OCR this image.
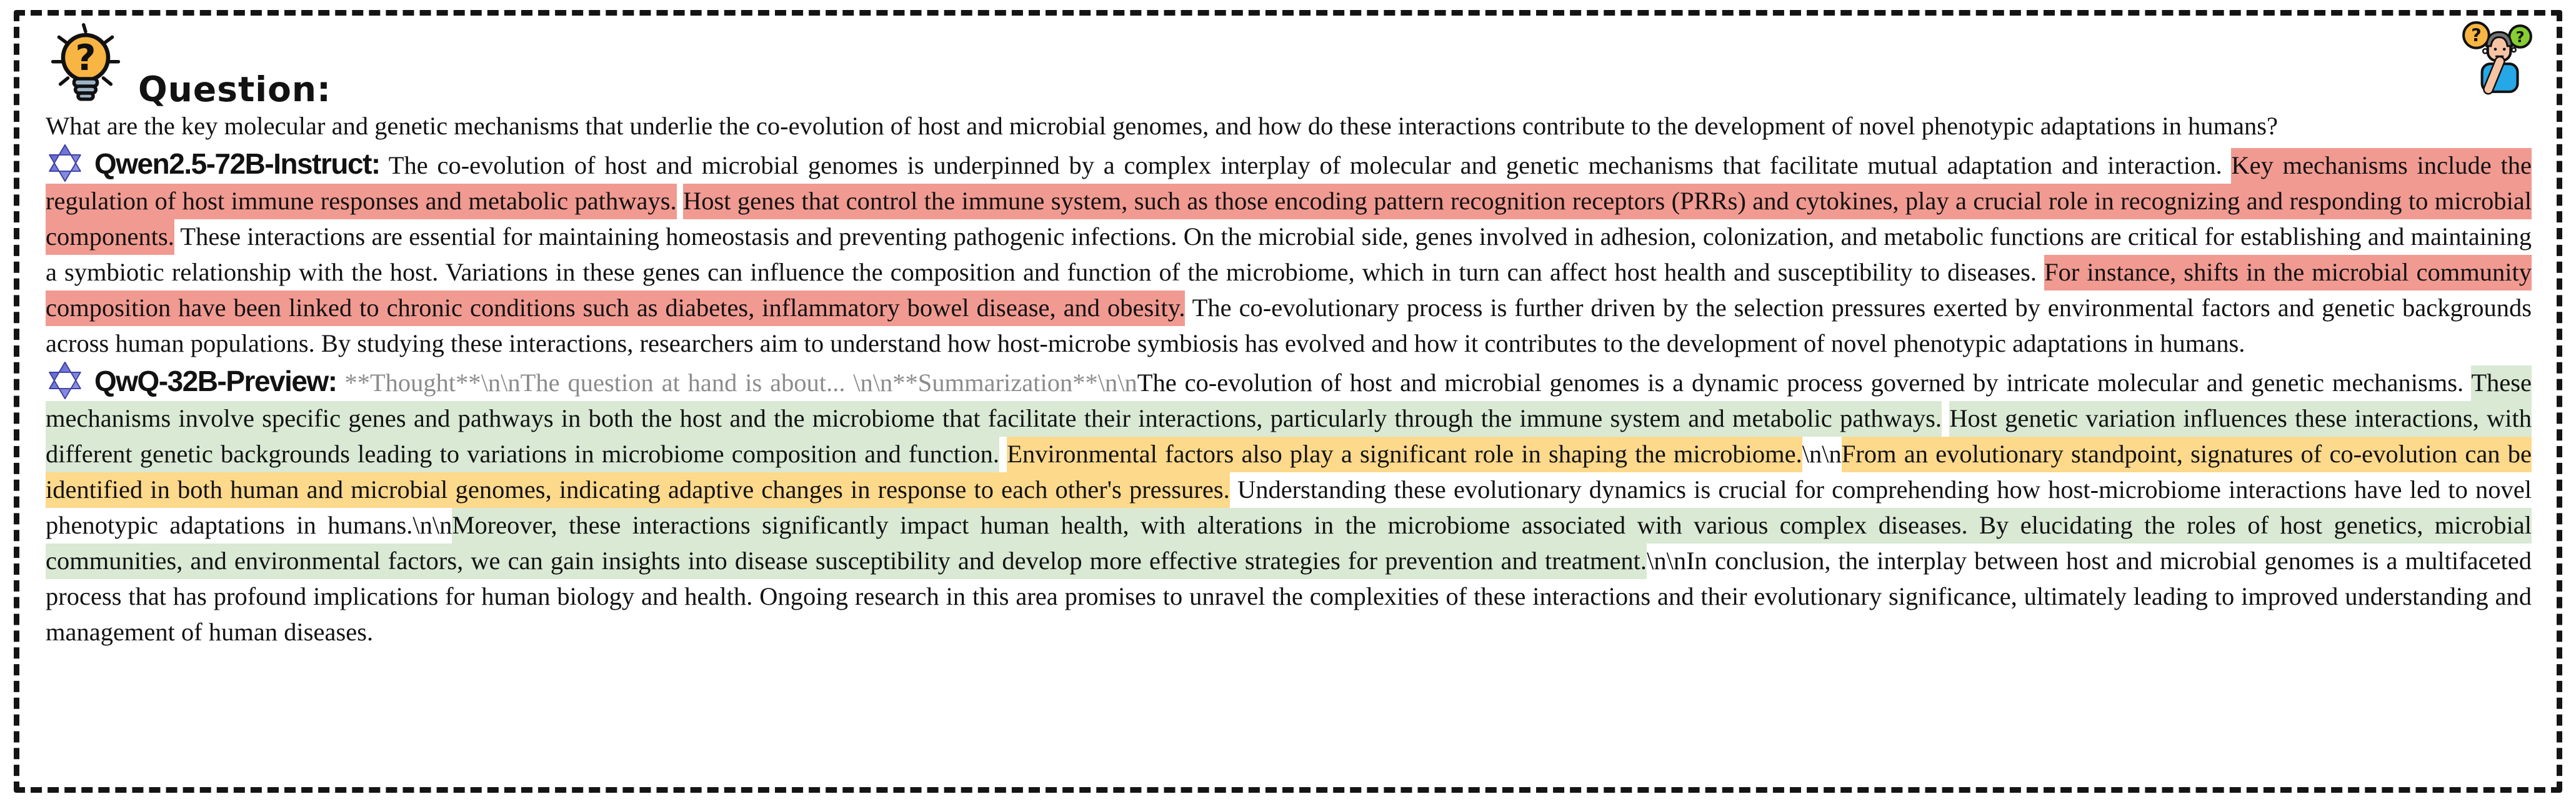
?
Question:
? ?

What are the key molecular and genetic mechanisms that underlie the co-evolution of host and microbial genomes, and how do these interactions contribute to the development of novel phenotypic adaptations in humans?

Qwen2.5-72B-Instruct: The co-evolution of host and microbial genomes is underpinned by a complex interplay of molecular and genetic mechanisms that facilitate mutual adaptation and interaction. Key mechanisms include the regulation of host immune responses and metabolic pathways. Host genes that control the immune system, such as those encoding pattern recognition receptors (PRRs) and cytokines, play a crucial role in recognizing and responding to microbial components. These interactions are essential for maintaining homeostasis and preventing pathogenic infections. On the microbial side, genes involved in adhesion, colonization, and metabolic functions are critical for establishing and maintaining a symbiotic relationship with the host. Variations in these genes can influence the composition and function of the microbiome, which in turn can affect host health and susceptibility to diseases. For instance, shifts in the microbial community composition have been linked to chronic conditions such as diabetes, inflammatory bowel disease, and obesity. The co-evolutionary process is further driven by the selection pressures exerted by environmental factors and genetic backgrounds across human populations. By studying these interactions, researchers aim to understand how host-microbe symbiosis has evolved and how it contributes to the development of novel phenotypic adaptations in humans.

QwQ-32B-Preview: **Thought**\n\nThe question at hand is about... \n\n**Summarization**\n\nThe co-evolution of host and microbial genomes is a dynamic process governed by intricate molecular and genetic mechanisms. These mechanisms involve specific genes and pathways in both the host and the microbiome that facilitate their interactions, particularly through the immune system and metabolic pathways. Host genetic variation influences these interactions, with different genetic backgrounds leading to variations in microbiome composition and function. Environmental factors also play a significant role in shaping the microbiome.\n\nFrom an evolutionary standpoint, signatures of co-evolution can be identified in both human and microbial genomes, indicating adaptive changes in response to each other's pressures. Understanding these evolutionary dynamics is crucial for comprehending how host-microbiome interactions have led to novel phenotypic adaptations in humans.\n\nMoreover, these interactions significantly impact human health, with alterations in the microbiome associated with various complex diseases. By elucidating the roles of host genetics, microbial communities, and environmental factors, we can gain insights into disease susceptibility and develop more effective strategies for prevention and treatment.\n\nIn conclusion, the interplay between host and microbial genomes is a multifaceted process that has profound implications for human biology and health. Ongoing research in this area promises to unravel the complexities of these interactions and their evolutionary significance, ultimately leading to improved understanding and management of human diseases.
